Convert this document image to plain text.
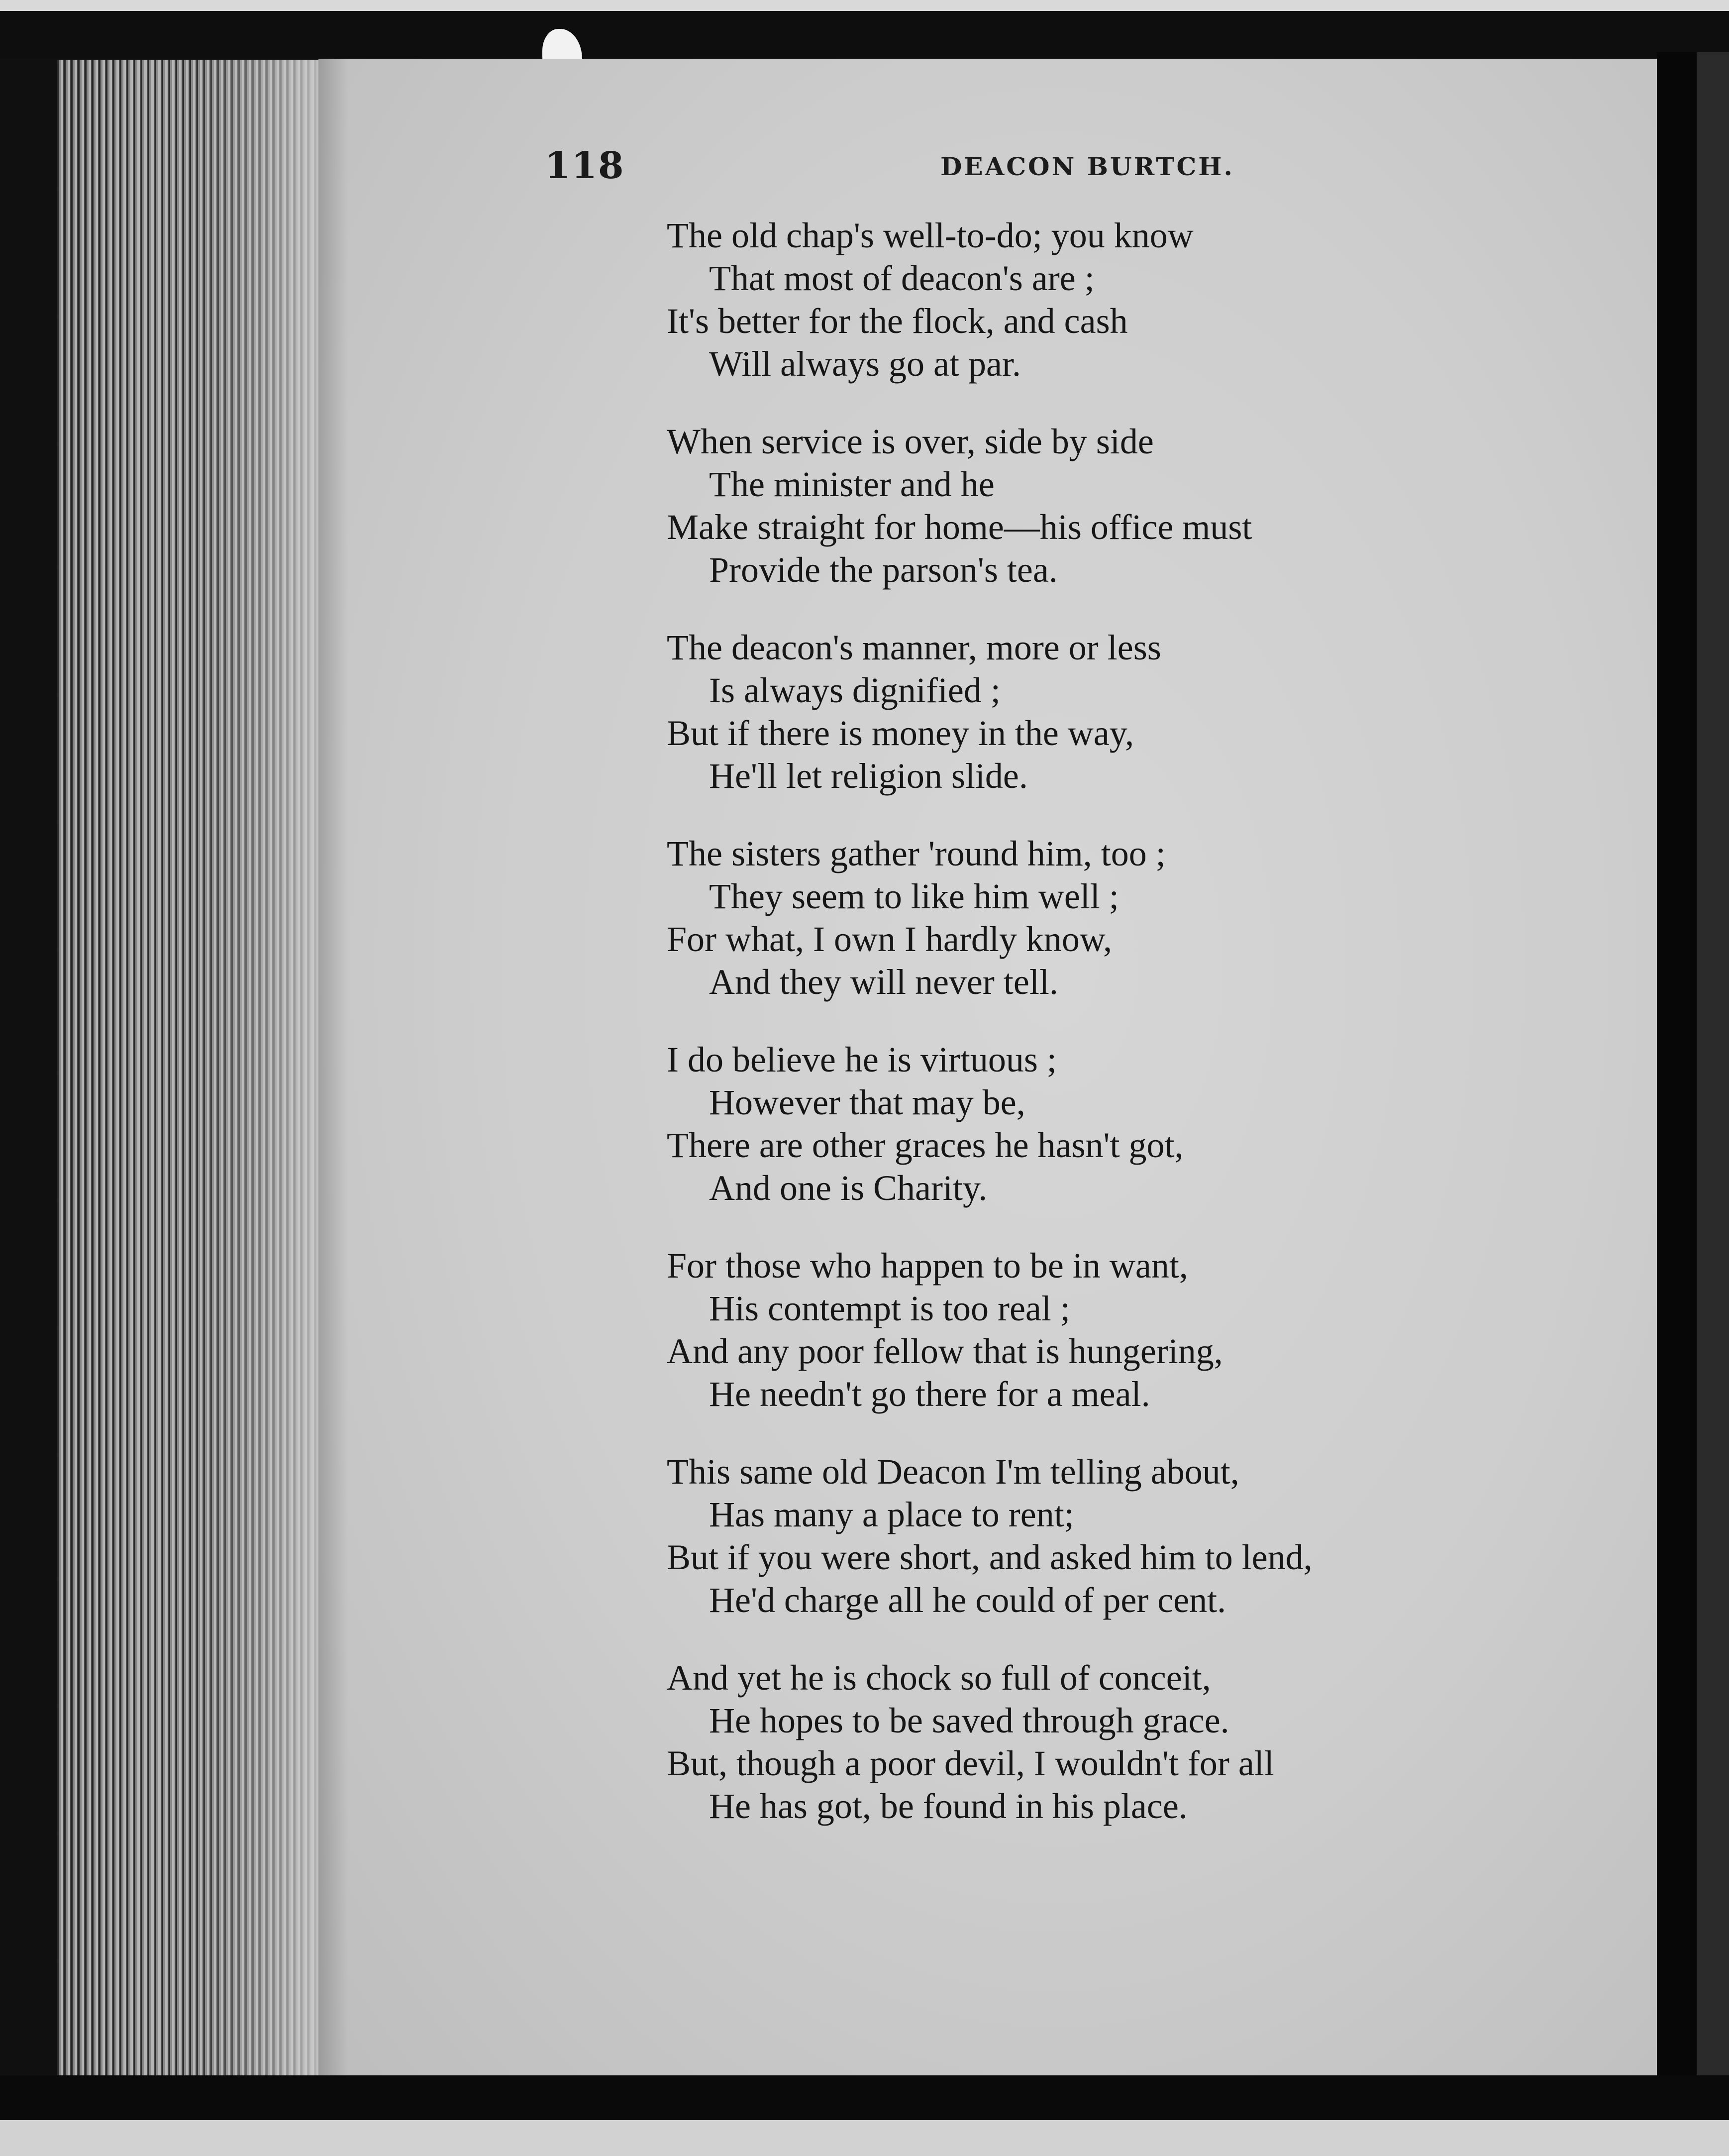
118	DEACON BURTCH.
The old chap's well-to-do; you know
That most of deacon's are ;
It's better for the flock, and cash
Will always go at par.
When service is over, side by side
The minister and he
Make straight for home—his office must
Provide the parson's tea.
The deacon's manner, more or less
Is always dignified ;
But if there is money in the way,
He'll let religion slide.
The sisters gather 'round him, too ;
They seem to like him well ;
For what, I own I hardly know,
And they will never tell.
I do believe he is virtuous ;
However that may be,
There are other graces he hasn't got,
And one is Charity.
For those who happen to be in want,
His contempt is too real ;
And any poor fellow that is hungering,
He needn't go there for a meal.
This same old Deacon I'm telling about,
Has many a place to rent;
But if you were short, and asked him to lend,
He'd charge all he could of per cent.
And yet he is chock so full of conceit,
He hopes to be saved through grace.
But, though a poor devil, I wouldn't for all
He has got, be found in his place.
